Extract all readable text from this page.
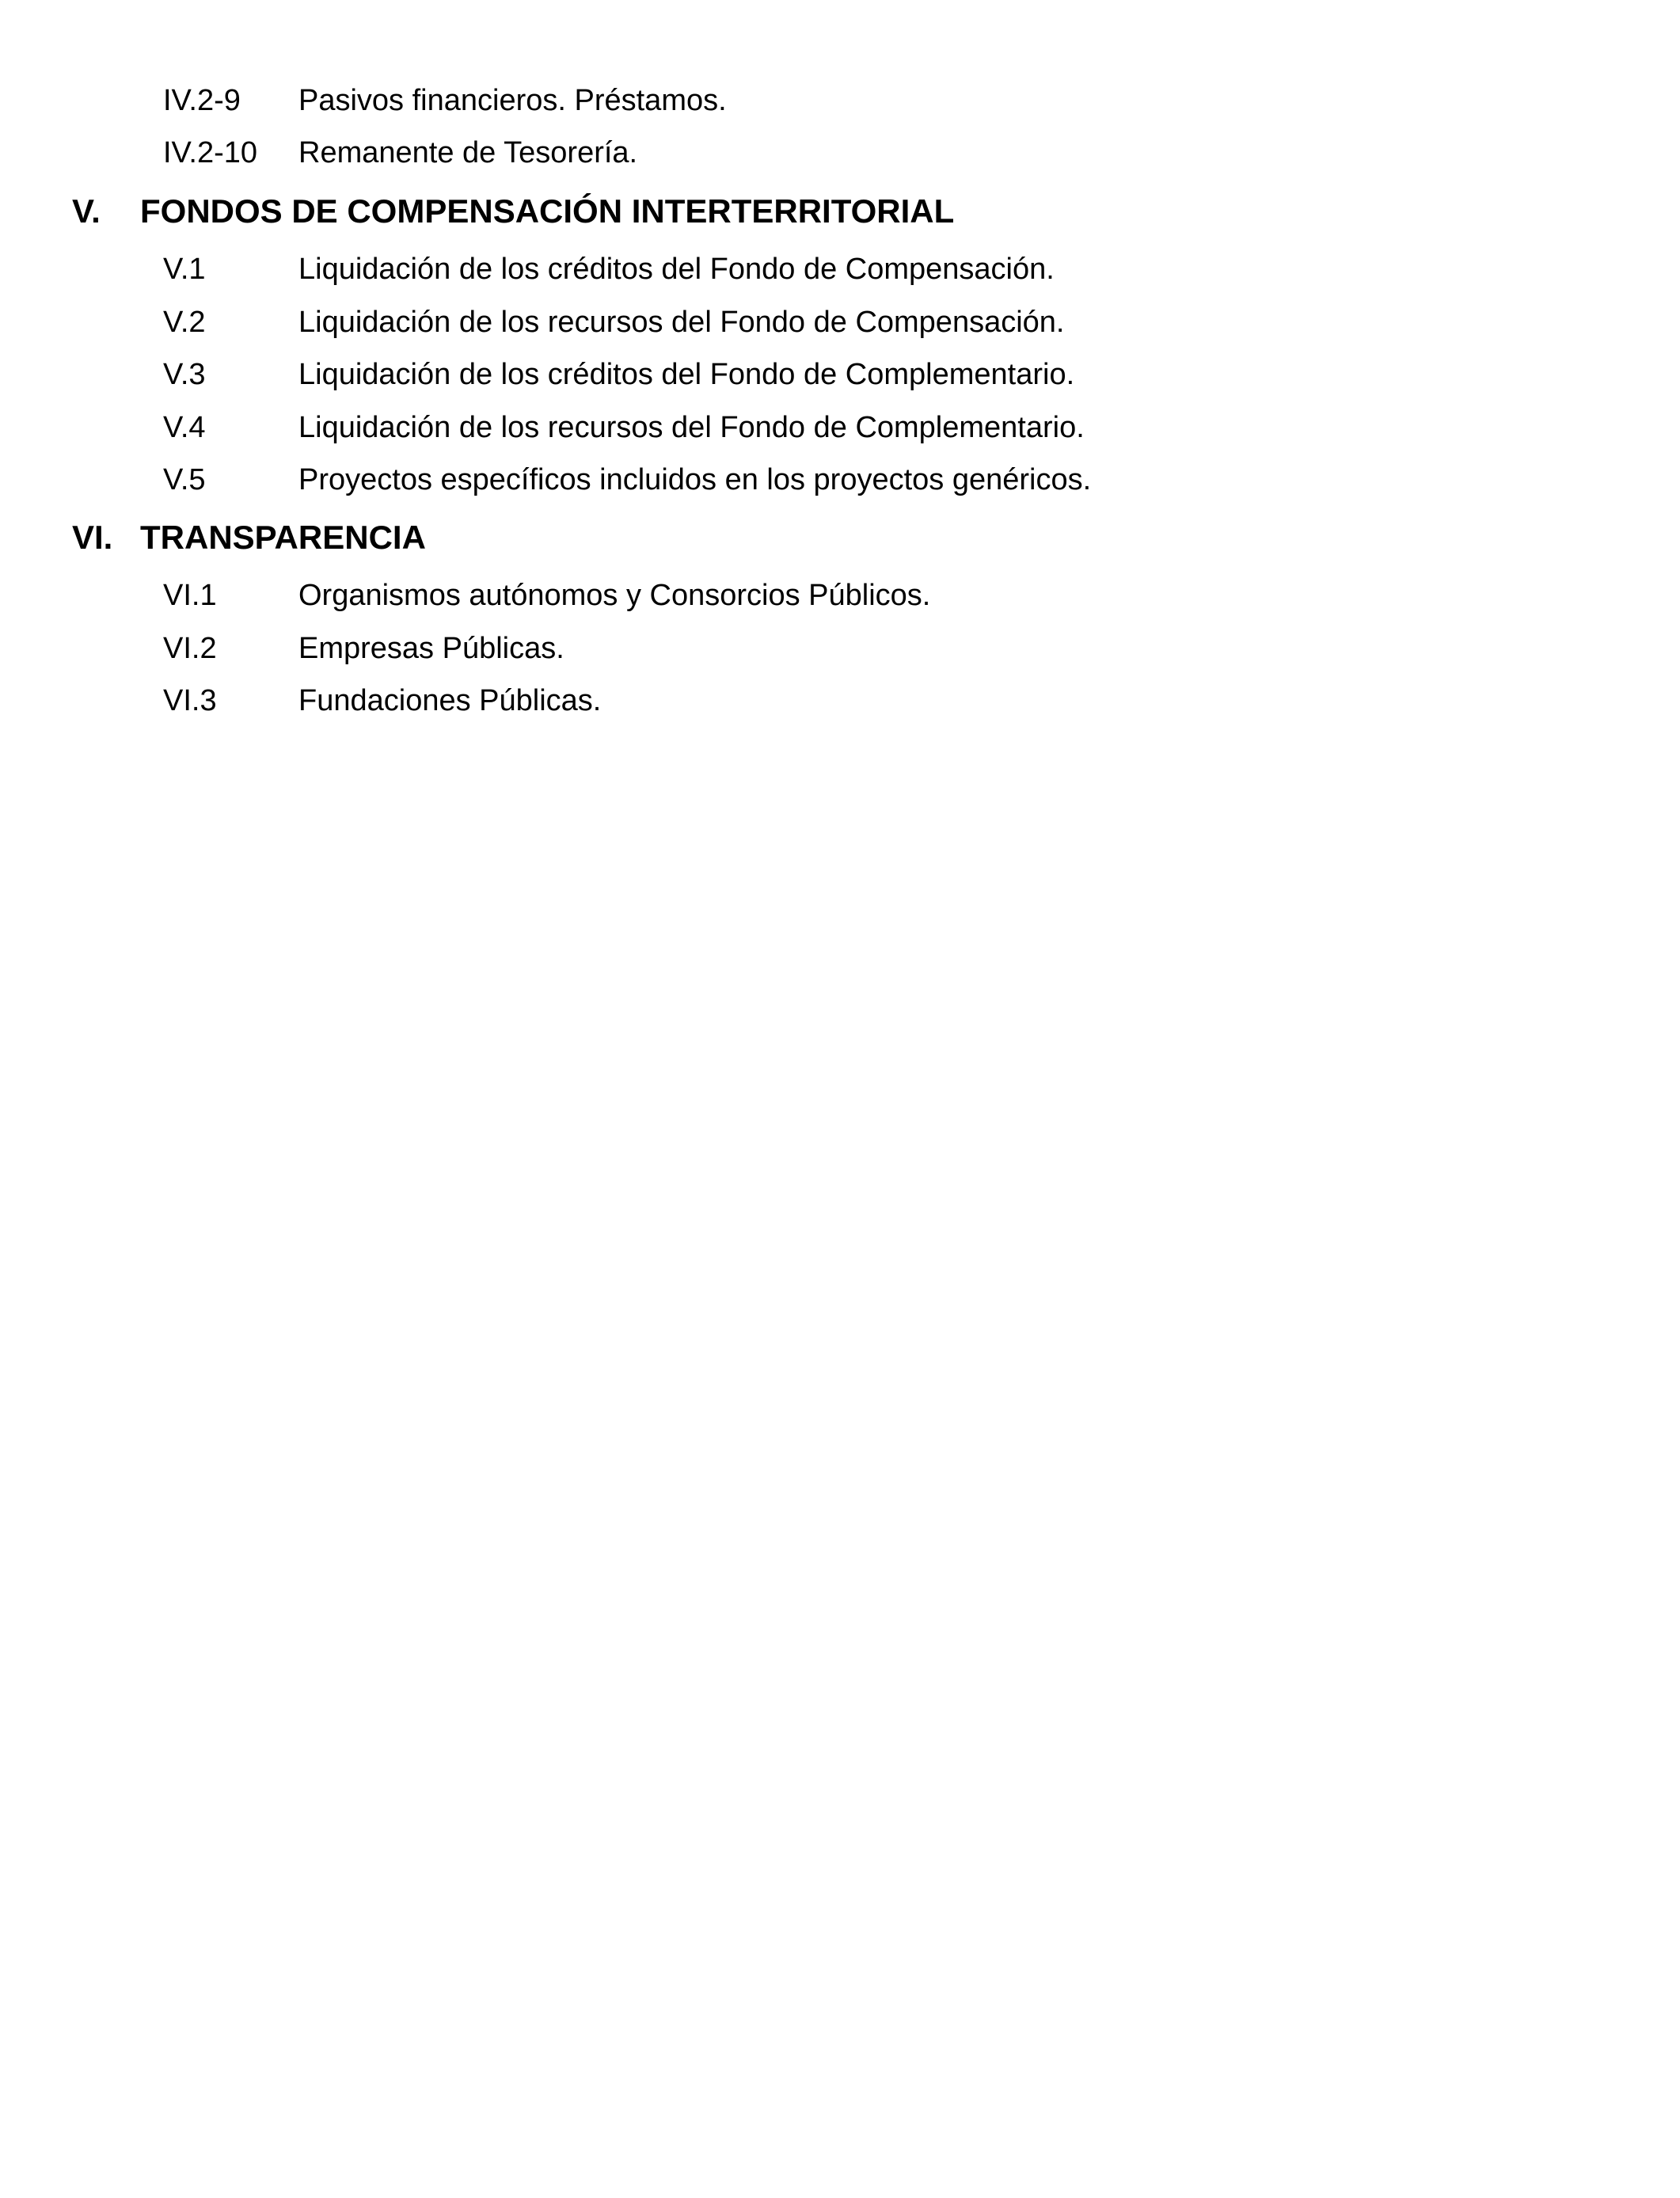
IV.2-9 Pasivos financieros. Préstamos.
IV.2-10 Remanente de Tesorería.
V. FONDOS DE COMPENSACIÓN INTERTERRITORIAL
V.1	Liquidación de los créditos del Fondo de Compensación.
V.2	Liquidación de los recursos del Fondo de Compensación.
V.3	Liquidación de los créditos del Fondo de Complementario.
V.4	Liquidación de los recursos del Fondo de Complementario.
V.5	Proyectos específicos incluidos en los proyectos genéricos.
VI. TRANSPARENCIA
VI.1	Organismos autónomos y Consorcios Públicos.
VI.2	Empresas Públicas.
VI.3	Fundaciones Públicas.
